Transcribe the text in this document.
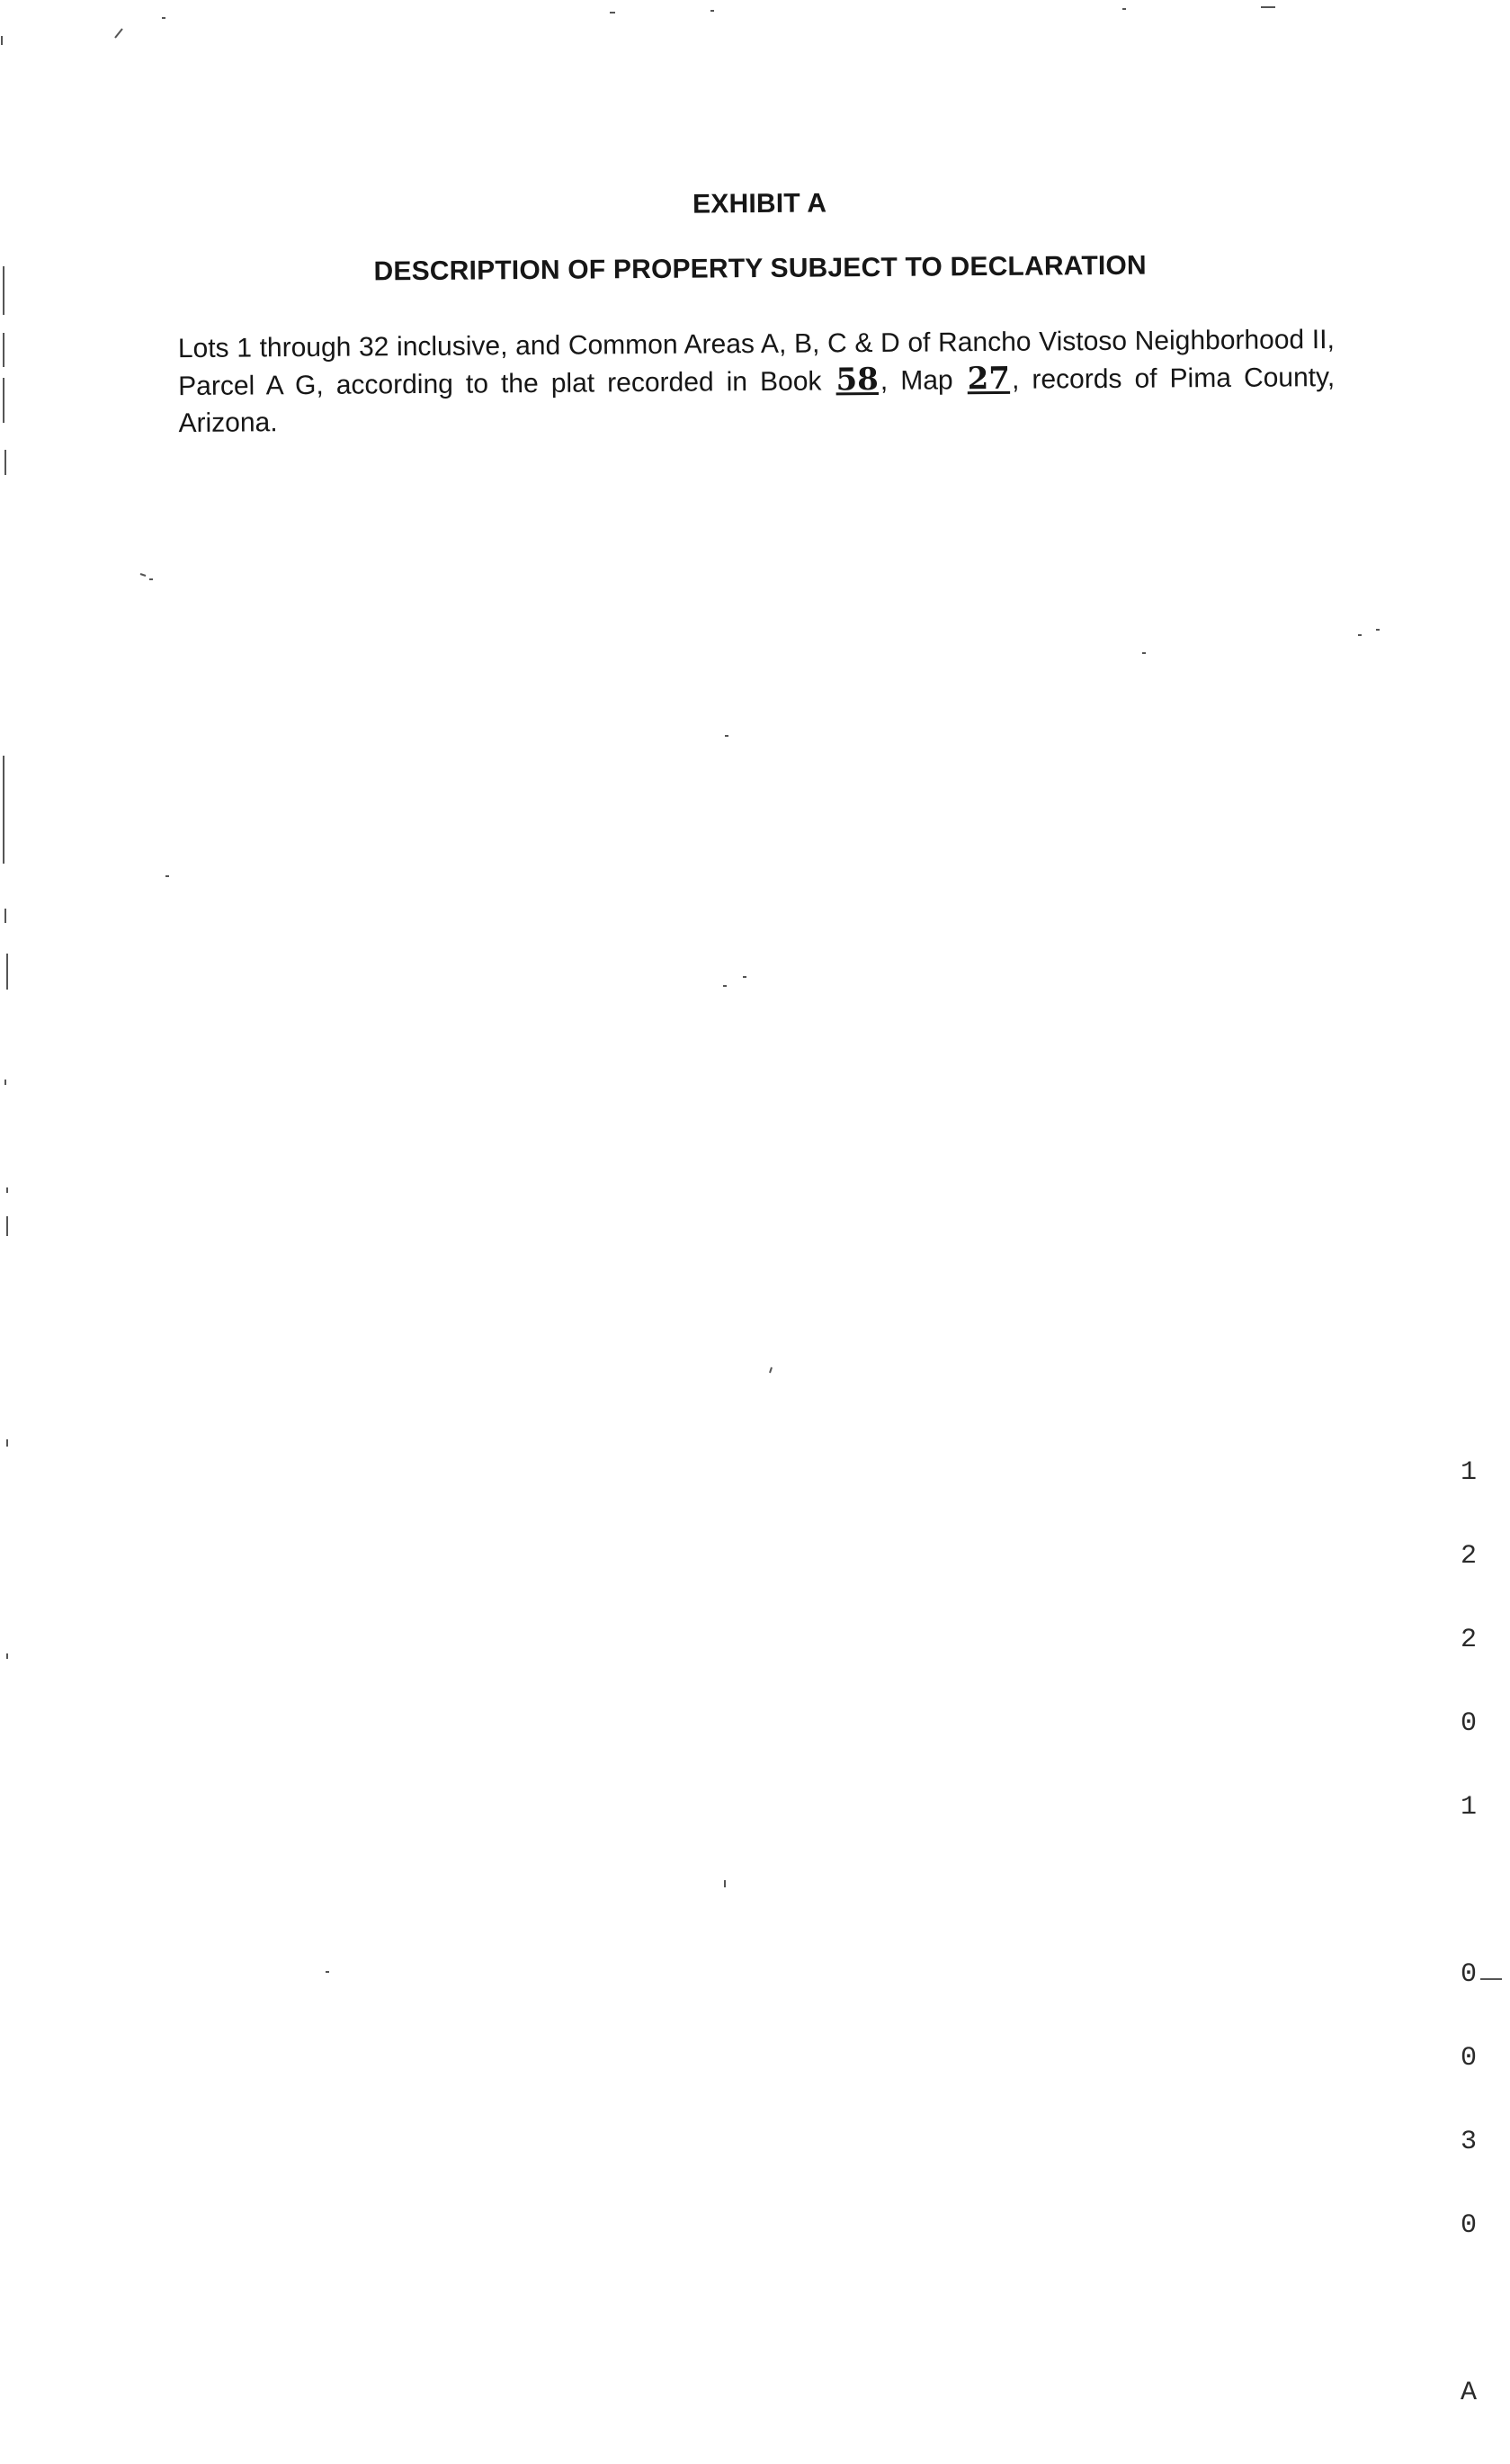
EXHIBIT A
DESCRIPTION OF PROPERTY SUBJECT TO DECLARATION

Lots 1 through 32 inclusive, and Common Areas A, B, C & D of Rancho Vistoso Neighborhood II, Parcel A G, according to the plat recorded in Book 58, Map 27, records of Pima County, Arizona.

1

2

2

0

1

0

0

3

0

A
